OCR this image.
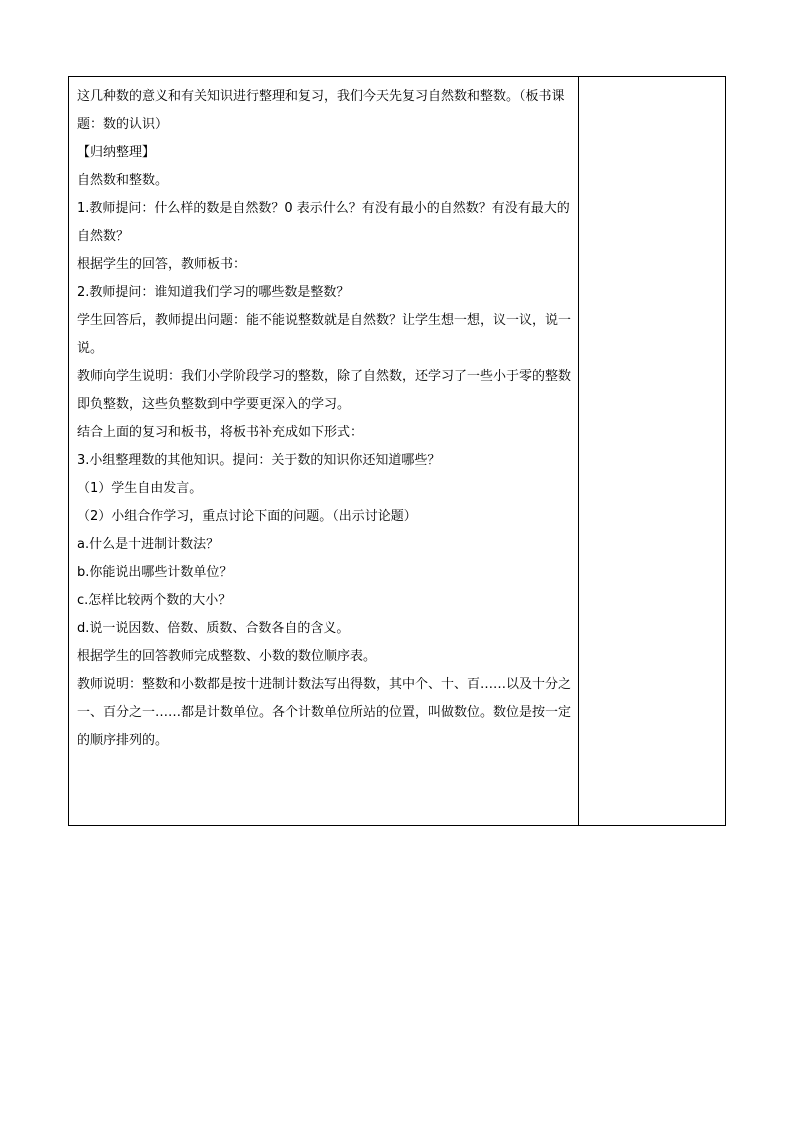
这几种数的意义和有关知识进行整理和复习，我们今天先复习自然数和整数。（板书课题：数的认识）

【归纳整理】

自然数和整数。

1.教师提问：什么样的数是自然数？0 表示什么？有没有最小的自然数？有没有最大的自然数？

根据学生的回答，教师板书：

2.教师提问：谁知道我们学习的哪些数是整数？

学生回答后，教师提出问题：能不能说整数就是自然数？让学生想一想，议一议，说一说。

教师向学生说明：我们小学阶段学习的整数，除了自然数，还学习了一些小于零的整数即负整数，这些负整数到中学要更深入的学习。

结合上面的复习和板书，将板书补充成如下形式：

3.小组整理数的其他知识。提问：关于数的知识你还知道哪些？

（1）学生自由发言。

（2）小组合作学习，重点讨论下面的问题。（出示讨论题）

a.什么是十进制计数法？

b.你能说出哪些计数单位？

c.怎样比较两个数的大小？

d.说一说因数、倍数、质数、合数各自的含义。

根据学生的回答教师完成整数、小数的数位顺序表。

教师说明：整数和小数都是按十进制计数法写出得数，其中个、十、百……以及十分之一、百分之一……都是计数单位。各个计数单位所站的位置，叫做数位。数位是按一定的顺序排列的。
